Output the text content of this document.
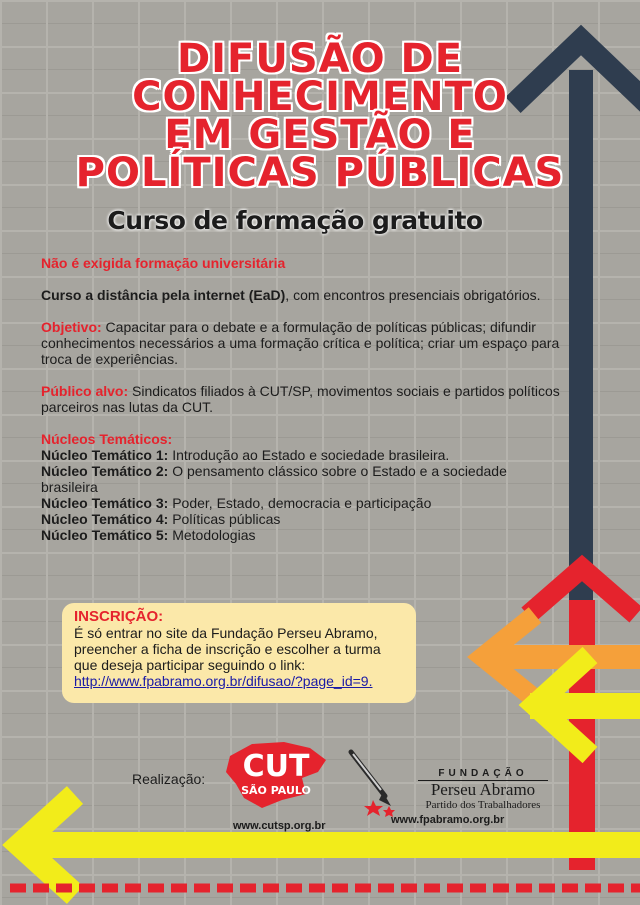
DIFUSÃO DE
CONHECIMENTO
EM GESTÃO E
POLÍTICAS PÚBLICAS
Curso de formação gratuito

Não é exigida formação universitária

Curso a distância pela internet (EaD), com encontros presenciais obrigatórios.

Objetivo: Capacitar para o debate e a formulação de políticas públicas; difundir conhecimentos necessários a uma formação crítica e política; criar um espaço para troca de experiências.

Público alvo: Sindicatos filiados à CUT/SP, movimentos sociais e partidos políticos parceiros nas lutas da CUT.

Núcleos Temáticos:
Núcleo Temático 1: Introdução ao Estado e sociedade brasileira.
Núcleo Temático 2: O pensamento clássico sobre o Estado e a sociedade brasileira
Núcleo Temático 3: Poder, Estado, democracia e participação
Núcleo Temático 4: Políticas públicas
Núcleo Temático 5: Metodologias
INSCRIÇÃO:
É só entrar no site da Fundação Perseu Abramo, preencher a ficha de inscrição e escolher a turma que deseja participar seguindo o link:
http://www.fpabramo.org.br/difusao/?page_id=9.
Realização: CUT
SÃO PAULO
www.cutsp.org.br
FUNDAÇÃO
Perseu Abramo
Partido dos Trabalhadores
www.fpabramo.org.br
